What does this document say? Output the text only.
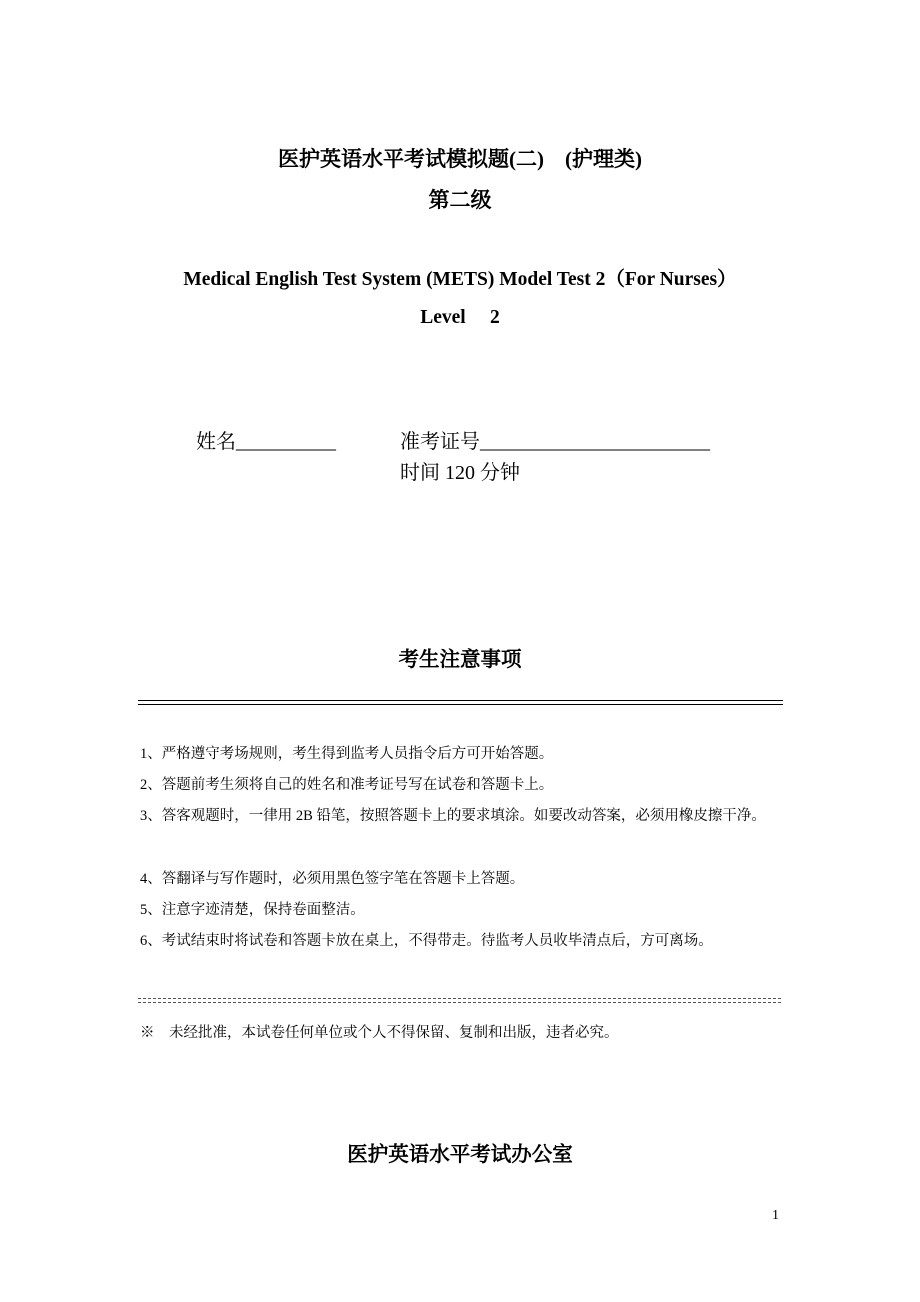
医护英语水平考试模拟题(二)　(护理类)
第二级
Medical English Test System (METS) Model Test 2（For Nurses）
Level　 2
姓名__________	准考证号_______________________
时间 120 分钟
考生注意事项
1、严格遵守考场规则，考生得到监考人员指令后方可开始答题。
2、答题前考生须将自己的姓名和准考证号写在试卷和答题卡上。
3、答客观题时，一律用 2B 铅笔，按照答题卡上的要求填涂。如要改动答案，必须用橡皮擦干净。
4、答翻译与写作题时，必须用黑色签字笔在答题卡上答题。
5、注意字迹清楚，保持卷面整洁。
6、考试结束时将试卷和答题卡放在桌上，不得带走。待监考人员收毕清点后，方可离场。
※　未经批准，本试卷任何单位或个人不得保留、复制和出版，违者必究。
医护英语水平考试办公室
1
